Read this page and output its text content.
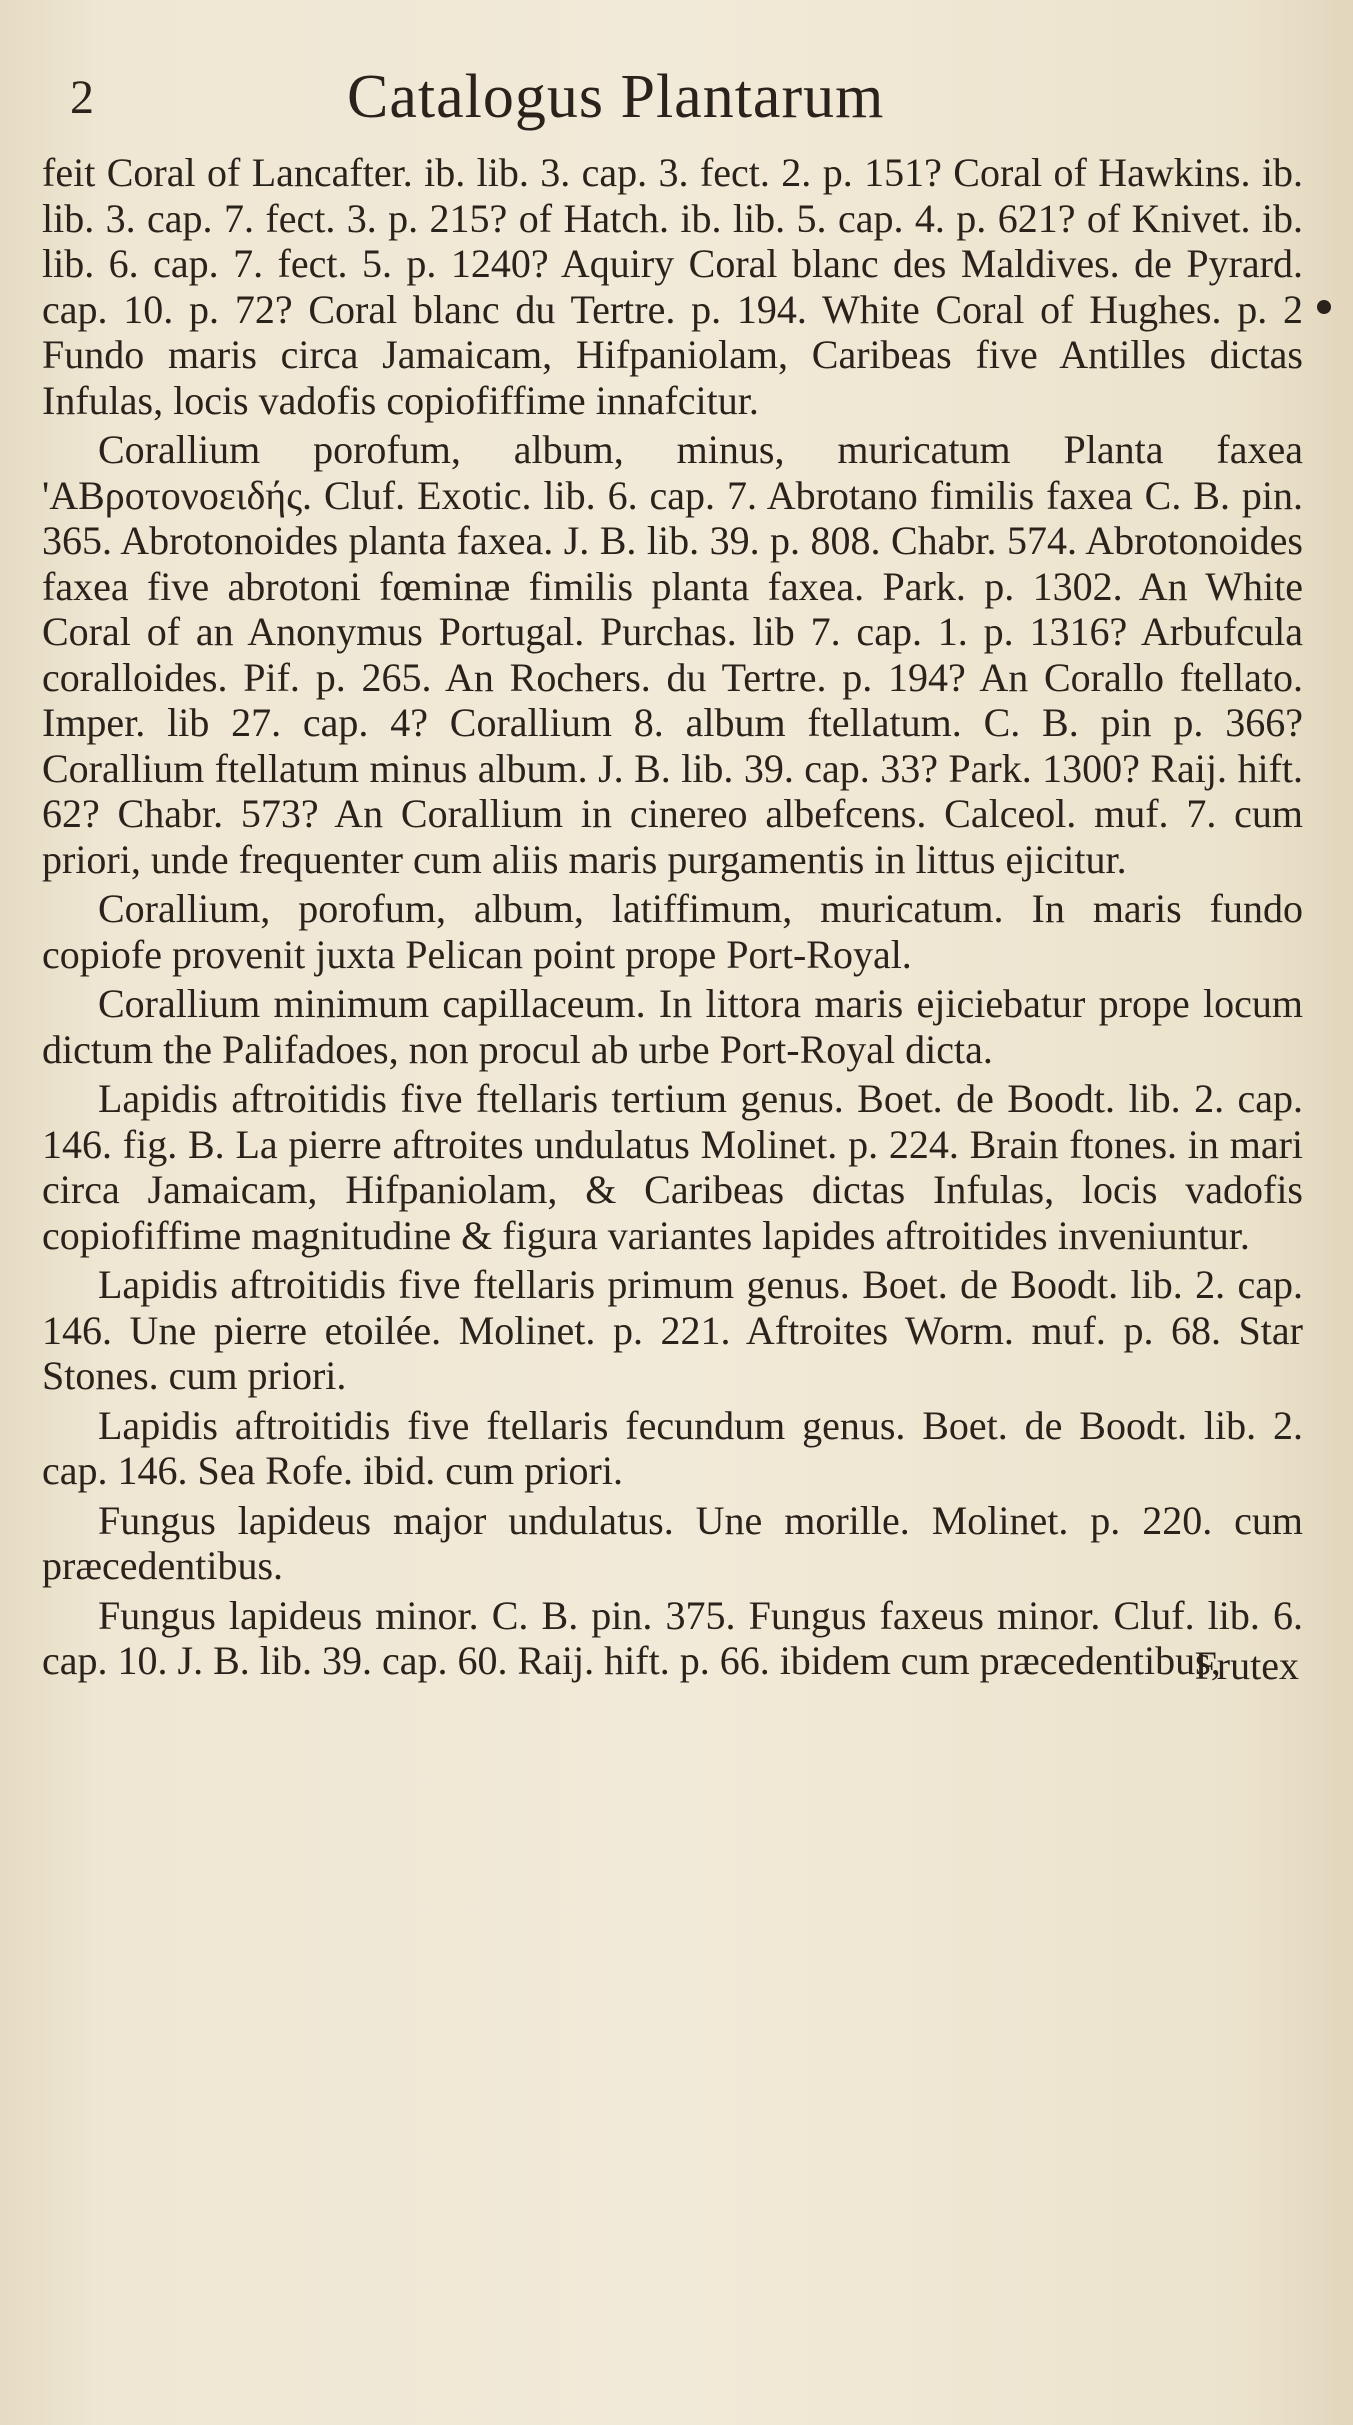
2	Catalogus Plantarum

feit Coral of Lancafter. ib. lib. 3. cap. 3. fect. 2. p. 151? Coral of Hawkins. ib. lib. 3. cap. 7. fect. 3. p. 215? of Hatch. ib. lib. 5. cap. 4. p. 621? of Knivet. ib. lib. 6. cap. 7. fect. 5. p. 1240? Aquiry Coral blanc des Maldives. de Pyrard. cap. 10. p. 72? Coral blanc du Tertre. p. 194. White Coral of Hughes. p. 2 Fundo maris circa Jamaicam, Hifpaniolam, Caribeas five Antilles dictas Infulas, locis vadofis copiofiffime innafcitur.

Corallium porofum, album, minus, muricatum Planta faxea 'ΑΒροτονοειδής. Cluf. Exotic. lib. 6. cap. 7. Abrotano fimilis faxea C. B. pin. 365. Abrotonoides planta faxea. J. B. lib. 39. p. 808. Chabr. 574. Abrotonoides faxea five abrotoni fœminæ fimilis planta faxea. Park. p. 1302. An White Coral of an Anonymus Portugal. Purchas. lib 7. cap. 1. p. 1316? Arbufcula coralloides. Pif. p. 265. An Rochers. du Tertre. p. 194? An Corallo ftellato. Imper. lib 27. cap. 4? Corallium 8. album ftellatum. C. B. pin p. 366? Corallium ftellatum minus album. J. B. lib. 39. cap. 33? Park. 1300? Raij. hift. 62? Chabr. 573? An Corallium in cinereo albefcens. Calceol. muf. 7. cum priori, unde frequenter cum aliis maris purgamentis in littus ejicitur.

Corallium, porofum, album, latiffimum, muricatum. In maris fundo copiofe provenit juxta Pelican point prope Port-Royal.

Corallium minimum capillaceum. In littora maris ejiciebatur prope locum dictum the Palifadoes, non procul ab urbe Port-Royal dicta.

Lapidis aftroitidis five ftellaris tertium genus. Boet. de Boodt. lib. 2. cap. 146. fig. B. La pierre aftroites undulatus Molinet. p. 224. Brain ftones. in mari circa Jamaicam, Hifpaniolam, & Caribeas dictas Infulas, locis vadofis copiofiffime magnitudine & figura variantes lapides aftroitides inveniuntur.

Lapidis aftroitidis five ftellaris primum genus. Boet. de Boodt. lib. 2. cap. 146. Une pierre etoilée. Molinet. p. 221. Aftroites Worm. muf. p. 68. Star Stones. cum priori.

Lapidis aftroitidis five ftellaris fecundum genus. Boet. de Boodt. lib. 2. cap. 146. Sea Rofe. ibid. cum priori.

Fungus lapideus major undulatus. Une morille. Molinet. p. 220. cum præcedentibus.

Fungus lapideus minor. C. B. pin. 375. Fungus faxeus minor. Cluf. lib. 6. cap. 10. J. B. lib. 39. cap. 60. Raij. hift. p. 66. ibidem cum præcedentibus,

Frutex
